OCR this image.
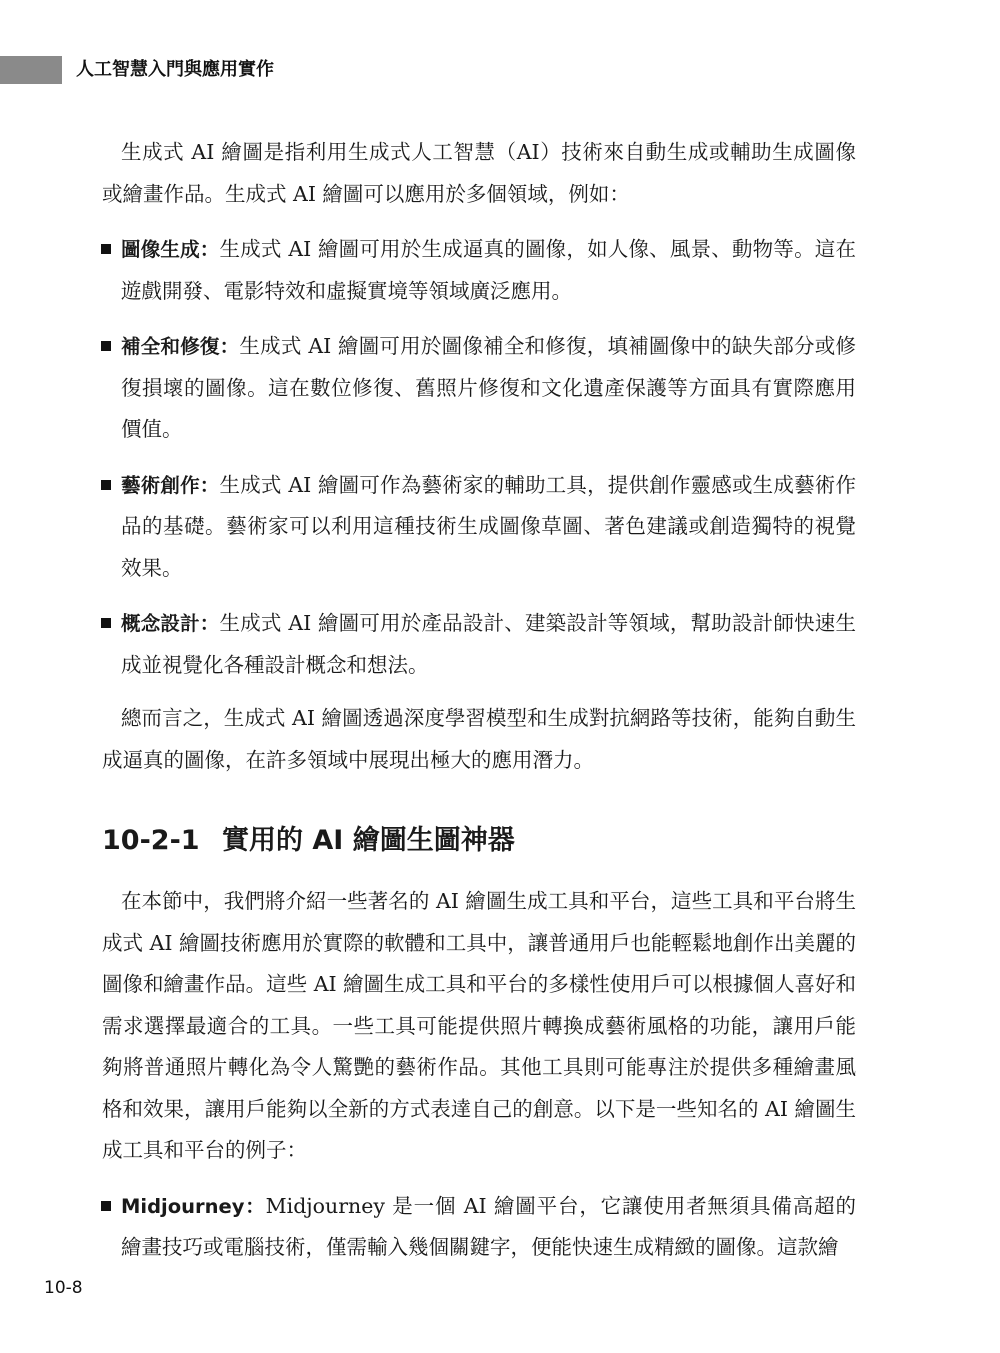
人工智慧入門與應用實作

生成式 AI 繪圖是指利用生成式人工智慧（AI）技術來自動生成或輔助生成圖像或繪畫作品。生成式 AI 繪圖可以應用於多個領域，例如：

圖像生成：生成式 AI 繪圖可用於生成逼真的圖像，如人像、風景、動物等。這在遊戲開發、電影特效和虛擬實境等領域廣泛應用。
補全和修復：生成式 AI 繪圖可用於圖像補全和修復，填補圖像中的缺失部分或修復損壞的圖像。這在數位修復、舊照片修復和文化遺產保護等方面具有實際應用價值。
藝術創作：生成式 AI 繪圖可作為藝術家的輔助工具，提供創作靈感或生成藝術作品的基礎。藝術家可以利用這種技術生成圖像草圖、著色建議或創造獨特的視覺效果。
概念設計：生成式 AI 繪圖可用於產品設計、建築設計等領域，幫助設計師快速生成並視覺化各種設計概念和想法。

總而言之，生成式 AI 繪圖透過深度學習模型和生成對抗網路等技術，能夠自動生成逼真的圖像，在許多領域中展現出極大的應用潛力。

10-2-1 實用的 AI 繪圖生圖神器

在本節中，我們將介紹一些著名的 AI 繪圖生成工具和平台，這些工具和平台將生成式 AI 繪圖技術應用於實際的軟體和工具中，讓普通用戶也能輕鬆地創作出美麗的圖像和繪畫作品。這些 AI 繪圖生成工具和平台的多樣性使用戶可以根據個人喜好和需求選擇最適合的工具。一些工具可能提供照片轉換成藝術風格的功能，讓用戶能夠將普通照片轉化為令人驚艷的藝術作品。其他工具則可能專注於提供多種繪畫風格和效果，讓用戶能夠以全新的方式表達自己的創意。以下是一些知名的 AI 繪圖生成工具和平台的例子：

Midjourney：Midjourney 是一個 AI 繪圖平台，它讓使用者無須具備高超的繪畫技巧或電腦技術，僅需輸入幾個關鍵字，便能快速生成精緻的圖像。這款繪
10-8
